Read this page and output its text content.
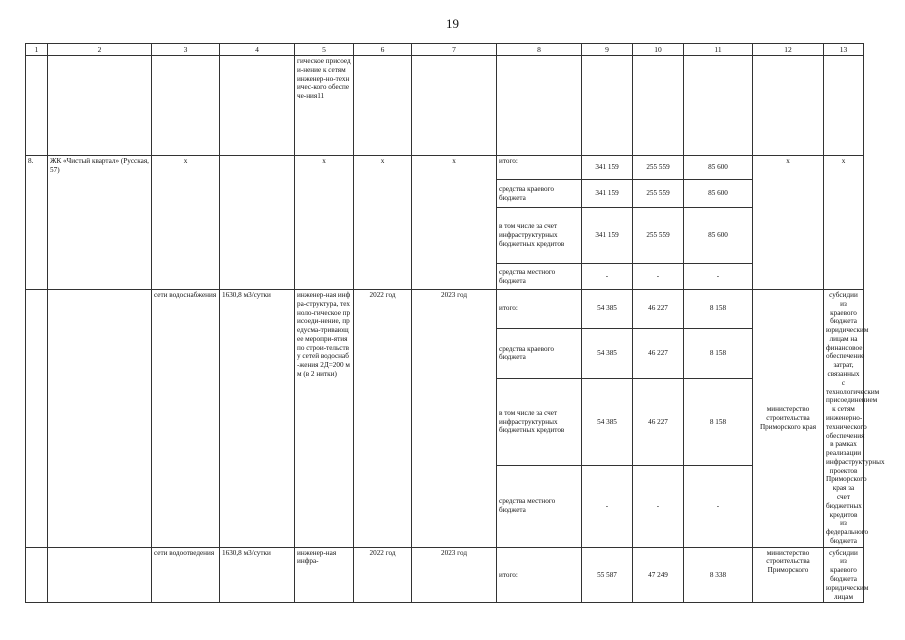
19
1	2	3	4	5	6	7	8	9	10	11	12	13
				гическое присоеди-нение к сетям инженер-но-техничес-кого обеспече-ния11								
8.	ЖК «Чистый квартал» (Русская, 57)	х		х	х	х	итого:	341 159	255 559	85 600	х	х
							средства краевого бюджета	341 159	255 559	85 600		
							в том числе за счет инфраструктурных бюджетных кредитов	341 159	255 559	85 600		
							средства местного бюджета	-	-	-		
		сети водоснабжения	1630,8 м3/сутки	инженер-ная инфра-структура, техноло-гическое присоеди-нение, предусма-тривающее меропри-ятия по строи-тельству сетей водоснаб-жения 2Д=200 мм (в 2 нитки)	2022 год	2023 год	итого:	54 385	46 227	8 158	министерство строительства Приморского края	субсидии из краевого бюджета юридическим лицам на финансовое обеспечение затрат, связанных с технологическим присоединением к сетям инженерно-технического обеспечения в рамках реализации инфраструктурных проектов Приморского края за счет бюджетных кредитов из федерального бюджета
							средства краевого бюджета	54 385	46 227	8 158		
							в том числе за счет инфраструктурных бюджетных кредитов	54 385	46 227	8 158		
							средства местного бюджета	-	-	-		
		сети водоотведения	1630,8 м3/сутки	инженер-ная инфра-	2022 год	2023 год	итого:	55 587	47 249	8 338	министерство строительства Приморского	субсидии из краевого бюджета юридическим лицам
